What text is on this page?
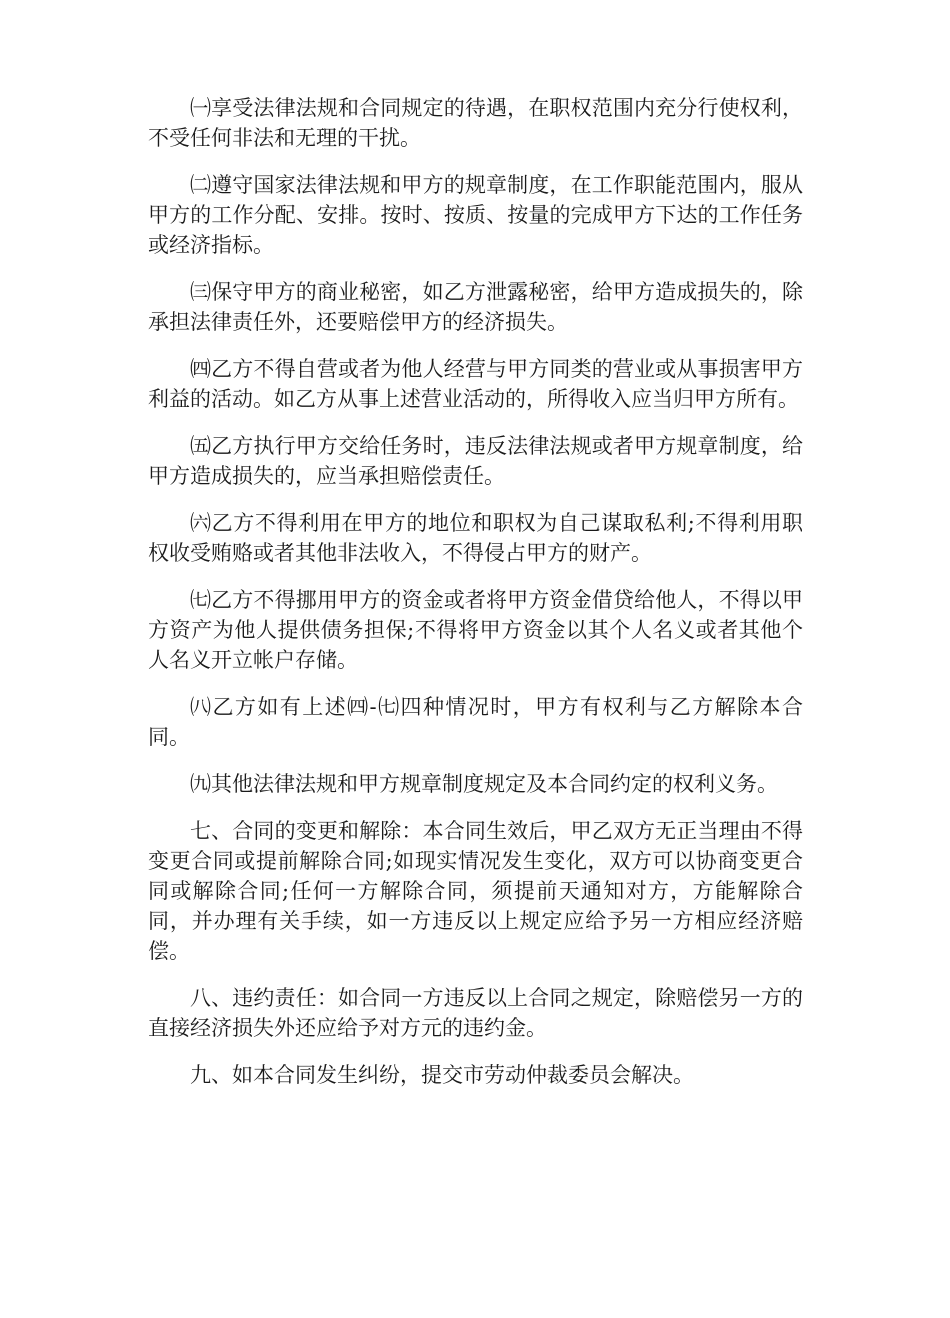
㈠享受法律法规和合同规定的待遇，在职权范围内充分行使权利，不受任何非法和无理的干扰。

㈡遵守国家法律法规和甲方的规章制度，在工作职能范围内，服从甲方的工作分配、安排。按时、按质、按量的完成甲方下达的工作任务或经济指标。

㈢保守甲方的商业秘密，如乙方泄露秘密，给甲方造成损失的，除承担法律责任外，还要赔偿甲方的经济损失。

㈣乙方不得自营或者为他人经营与甲方同类的营业或从事损害甲方利益的活动。如乙方从事上述营业活动的，所得收入应当归甲方所有。

㈤乙方执行甲方交给任务时，违反法律法规或者甲方规章制度，给甲方造成损失的，应当承担赔偿责任。

㈥乙方不得利用在甲方的地位和职权为自己谋取私利;不得利用职权收受贿赂或者其他非法收入，不得侵占甲方的财产。

㈦乙方不得挪用甲方的资金或者将甲方资金借贷给他人，不得以甲方资产为他人提供债务担保;不得将甲方资金以其个人名义或者其他个人名义开立帐户存储。

㈧乙方如有上述㈣-㈦四种情况时，甲方有权利与乙方解除本合同。

㈨其他法律法规和甲方规章制度规定及本合同约定的权利义务。

七、合同的变更和解除：本合同生效后，甲乙双方无正当理由不得变更合同或提前解除合同;如现实情况发生变化，双方可以协商变更合同或解除合同;任何一方解除合同，须提前天通知对方，方能解除合同，并办理有关手续，如一方违反以上规定应给予另一方相应经济赔偿。

八、违约责任：如合同一方违反以上合同之规定，除赔偿另一方的直接经济损失外还应给予对方元的违约金。

九、如本合同发生纠纷，提交市劳动仲裁委员会解决。
